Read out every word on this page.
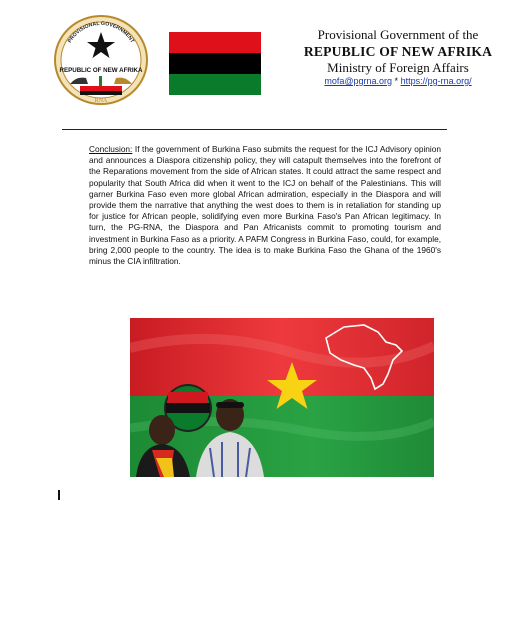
PROVISIONAL GOVERNMENT
REPUBLIC OF NEW AFRIKA
RNA
Provisional Government of the
REPUBLIC OF NEW AFRIKA
Ministry of Foreign Affairs
mofa@pgrna.org * https://pg-rna.org/
Conclusion: If the government of Burkina Faso submits the request for the ICJ Advisory opinion and announces a Diaspora citizenship policy, they will catapult themselves into the forefront of the Reparations movement from the side of African states. It could attract the same respect and popularity that South Africa did when it went to the ICJ on behalf of the Palestinians. This will garner Burkina Faso even more global African admiration, especially in the Diaspora and will provide them the narrative that anything the west does to them is in retaliation for standing up for justice for African people, solidifying even more Burkina Faso's Pan African legitimacy. In turn, the PG-RNA, the Diaspora and Pan Africanists commit to promoting tourism and investment in Burkina Faso as a priority. A PAFM Congress in Burkina Faso, could, for example, bring 2,000 people to the country. The idea is to make Burkina Faso the Ghana of the 1960's minus the CIA infiltration.
